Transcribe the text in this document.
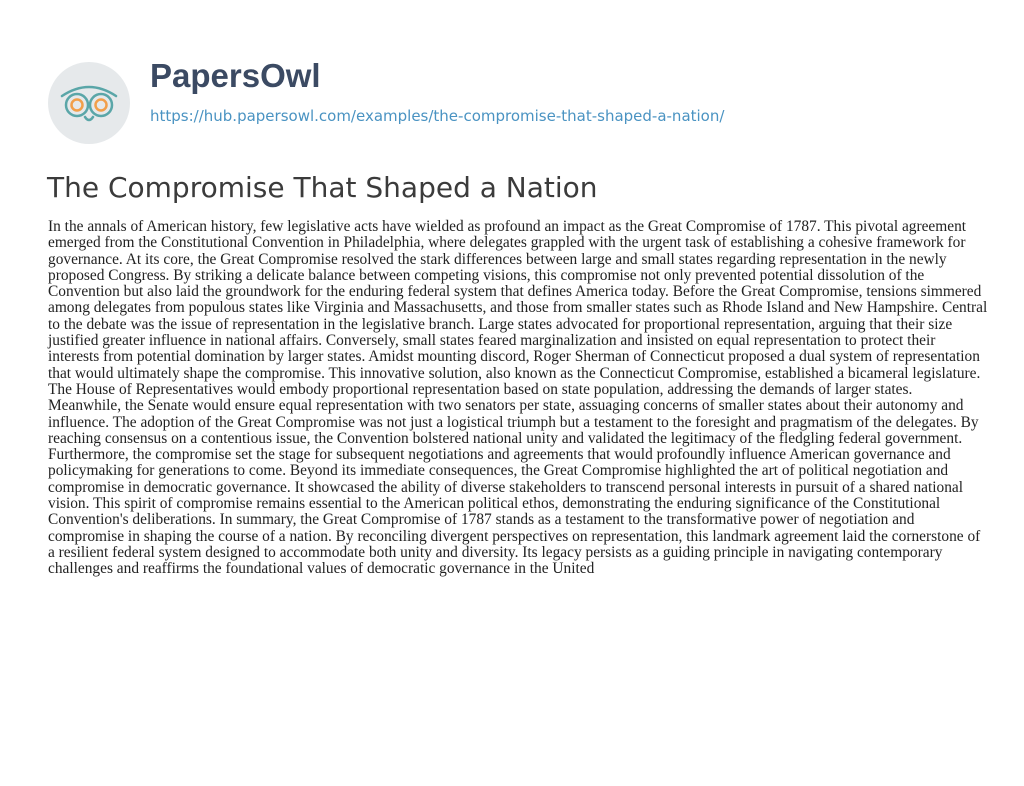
PapersOwl
https://hub.papersowl.com/examples/the-compromise-that-shaped-a-nation/
The Compromise That Shaped a Nation

In the annals of American history, few legislative acts have wielded as profound an impact as the Great Compromise of 1787. This pivotal agreement emerged from the Constitutional Convention in Philadelphia, where delegates grappled with the urgent task of establishing a cohesive framework for governance. At its core, the Great Compromise resolved the stark differences between large and small states regarding representation in the newly proposed Congress. By striking a delicate balance between competing visions, this compromise not only prevented potential dissolution of the Convention but also laid the groundwork for the enduring federal system that defines America today. Before the Great Compromise, tensions simmered among delegates from populous states like Virginia and Massachusetts, and those from smaller states such as Rhode Island and New Hampshire. Central to the debate was the issue of representation in the legislative branch. Large states advocated for proportional representation, arguing that their size justified greater influence in national affairs. Conversely, small states feared marginalization and insisted on equal representation to protect their interests from potential domination by larger states. Amidst mounting discord, Roger Sherman of Connecticut proposed a dual system of representation that would ultimately shape the compromise. This innovative solution, also known as the Connecticut Compromise, established a bicameral legislature. The House of Representatives would embody proportional representation based on state population, addressing the demands of larger states. Meanwhile, the Senate would ensure equal representation with two senators per state, assuaging concerns of smaller states about their autonomy and influence. The adoption of the Great Compromise was not just a logistical triumph but a testament to the foresight and pragmatism of the delegates. By reaching consensus on a contentious issue, the Convention bolstered national unity and validated the legitimacy of the fledgling federal government. Furthermore, the compromise set the stage for subsequent negotiations and agreements that would profoundly influence American governance and policymaking for generations to come. Beyond its immediate consequences, the Great Compromise highlighted the art of political negotiation and compromise in democratic governance. It showcased the ability of diverse stakeholders to transcend personal interests in pursuit of a shared national vision. This spirit of compromise remains essential to the American political ethos, demonstrating the enduring significance of the Constitutional Convention's deliberations. In summary, the Great Compromise of 1787 stands as a testament to the transformative power of negotiation and compromise in shaping the course of a nation. By reconciling divergent perspectives on representation, this landmark agreement laid the cornerstone of a resilient federal system designed to accommodate both unity and diversity. Its legacy persists as a guiding principle in navigating contemporary challenges and reaffirms the foundational values of democratic governance in the United
